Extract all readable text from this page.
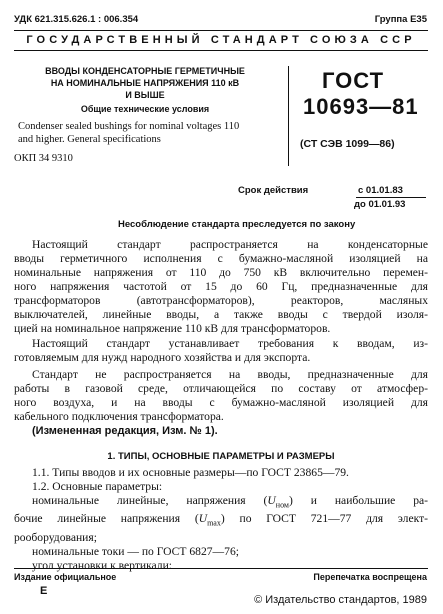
УДК 621.315.626.1 : 006.354	Группа Е35
ГОСУДАРСТВЕННЫЙ СТАНДАРТ СОЮЗА ССР
ВВОДЫ КОНДЕНСАТОРНЫЕ ГЕРМЕТИЧНЫЕ
НА НОМИНАЛЬНЫЕ НАПРЯЖЕНИЯ 110 кВ
И ВЫШЕ
Общие технические условия
Condenser sealed bushings for nominal voltages 110
and higher. General specifications
ОКП 34 9310
ГОСТ
10693—81
(СТ СЭВ 1099—86)
Срок действия	с 01.01.83
до 01.01.93
Несоблюдение стандарта преследуется по закону
Настоящий стандарт распространяется на конденсаторные
вводы герметичного исполнения с бумажно-масляной изоляцией на
номинальные напряжения от 110 до 750 кВ включительно перемен-
ного напряжения частотой от 15 до 60 Гц, предназначенные для
трансформаторов (автотрансформаторов), реакторов, масляных
выключателей, линейные вводы, а также вводы с твердой изоля-
цией на номинальное напряжение 110 кВ для трансформаторов.
Настоящий стандарт устанавливает требования к вводам, из-
готовляемым для нужд народного хозяйства и для экспорта.
Стандарт не распространяется на вводы, предназначенные для
работы в газовой среде, отличающейся по составу от атмосфер-
ного воздуха, и на вводы с бумажно-масляной изоляцией для
кабельного подключения трансформатора.
(Измененная редакция, Изм. № 1).
1. ТИПЫ, ОСНОВНЫЕ ПАРАМЕТРЫ И РАЗМЕРЫ
1.1. Типы вводов и их основные размеры—по ГОСТ 23865—79.
1.2. Основные параметры:
номинальные линейные, напряжения $(U_{ном})$ и наибольшие ра-
бочие линейные напряжения $(U_{max})$ по ГОСТ 721—77 для элект-
рооборудования;
номинальные токи — по ГОСТ 6827—76;
угол установки к вертикали:
Издание официальное	Перепечатка воспрещена
Е
© Издательство стандартов, 1989
